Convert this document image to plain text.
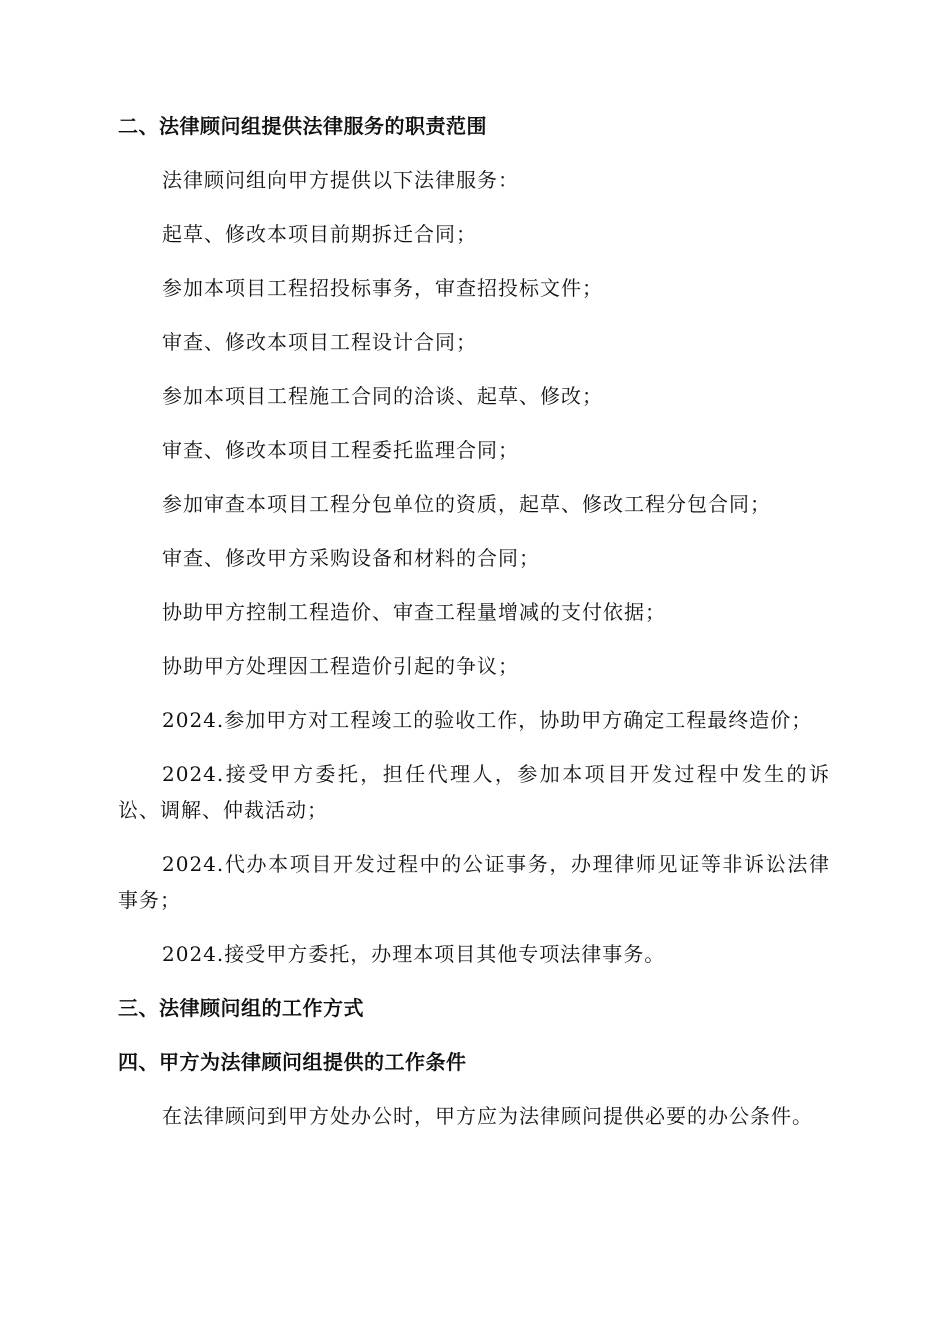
二、法律顾问组提供法律服务的职责范围

法律顾问组向甲方提供以下法律服务：

起草、修改本项目前期拆迁合同；

参加本项目工程招投标事务，审查招投标文件；

审查、修改本项目工程设计合同；

参加本项目工程施工合同的洽谈、起草、修改；

审查、修改本项目工程委托监理合同；

参加审查本项目工程分包单位的资质，起草、修改工程分包合同；

审查、修改甲方采购设备和材料的合同；

协助甲方控制工程造价、审查工程量增减的支付依据；

协助甲方处理因工程造价引起的争议；

2024.参加甲方对工程竣工的验收工作，协助甲方确定工程最终造价；

2024.接受甲方委托，担任代理人，参加本项目开发过程中发生的诉讼、调解、仲裁活动；

2024.代办本项目开发过程中的公证事务，办理律师见证等非诉讼法律事务；

2024.接受甲方委托，办理本项目其他专项法律事务。

三、法律顾问组的工作方式

四、甲方为法律顾问组提供的工作条件

在法律顾问到甲方处办公时，甲方应为法律顾问提供必要的办公条件。
